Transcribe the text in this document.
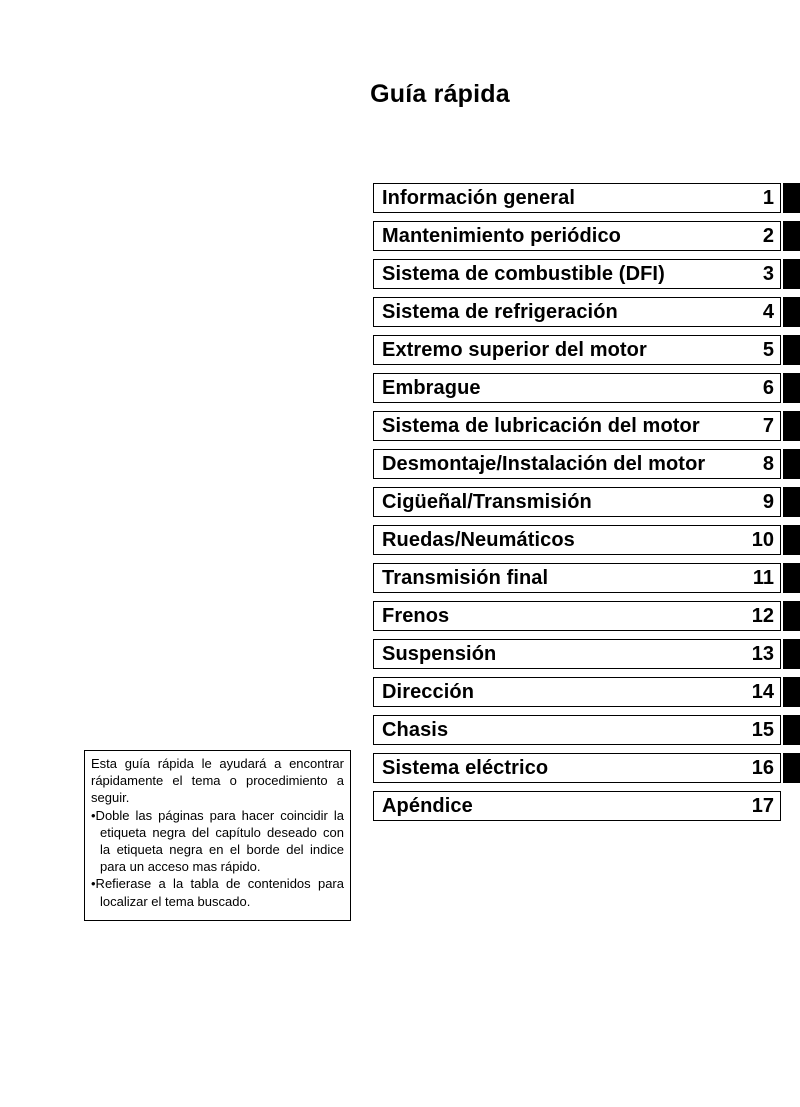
Guía rápida
Información general	1
Mantenimiento periódico	2
Sistema de combustible (DFI)	3
Sistema de refrigeración	4
Extremo superior del motor	5
Embrague	6
Sistema de lubricación del motor	7
Desmontaje/Instalación del motor	8
Cigüeñal/Transmisión	9
Ruedas/Neumáticos	10
Transmisión final	11
Frenos	12
Suspensión	13
Dirección	14
Chasis	15
Sistema eléctrico	16
Apéndice	17

Esta guía rápida le ayudará a encontrar rápidamente el tema o procedimiento a seguir.

•Doble las páginas para hacer coincidir la etiqueta negra del capítulo deseado con la etiqueta negra en el borde del indice para un acceso mas rápido.

•Refierase a la tabla de contenidos para localizar el tema buscado.
